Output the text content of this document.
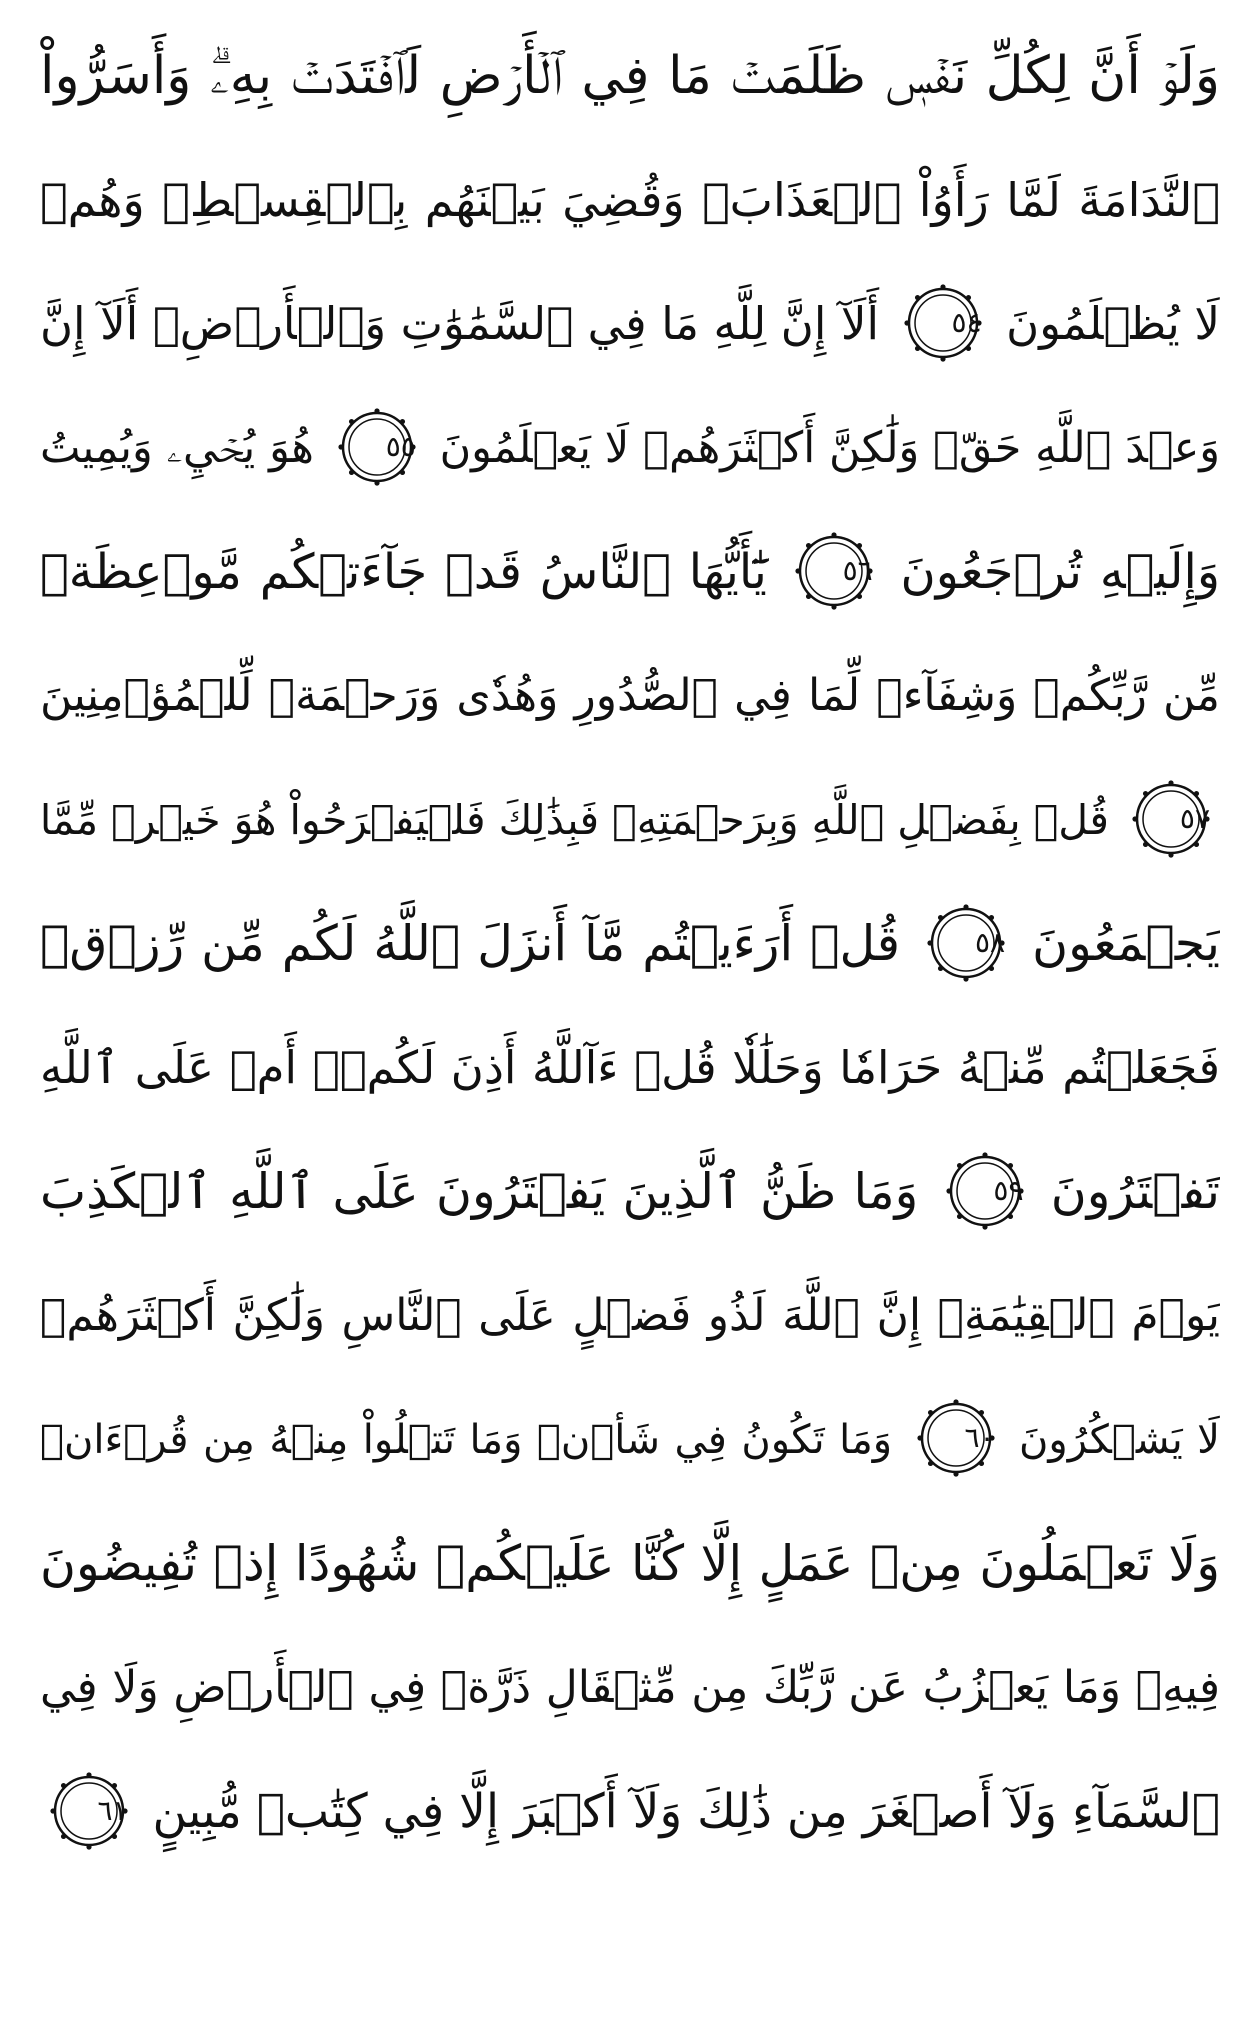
وَلَوۡ أَنَّ لِكُلِّ نَفۡسٖ ظَلَمَتۡ مَا فِي ٱلۡأَرۡضِ لَٱفۡتَدَتۡ بِهِۦۗ وَأَسَرُّواْ
ٱلنَّدَامَةَ لَمَّا رَأَوُاْ ٱلۡعَذَابَۖ وَقُضِيَ بَيۡنَهُم بِٱلۡقِسۡطِۚ وَهُمۡ
لَا يُظۡلَمُونَ
٥٤
أَلَآ إِنَّ لِلَّهِ مَا فِي ٱلسَّمَٰوَٰتِ وَٱلۡأَرۡضِۗ أَلَآ إِنَّ
وَعۡدَ ٱللَّهِ حَقّٞ وَلَٰكِنَّ أَكۡثَرَهُمۡ لَا يَعۡلَمُونَ
٥٥
هُوَ يُحۡيِۦ وَيُمِيتُ
وَإِلَيۡهِ تُرۡجَعُونَ
٥٦
يَٰٓأَيُّهَا ٱلنَّاسُ قَدۡ جَآءَتۡكُم مَّوۡعِظَةٞ
مِّن رَّبِّكُمۡ وَشِفَآءٞ لِّمَا فِي ٱلصُّدُورِ وَهُدٗى وَرَحۡمَةٞ لِّلۡمُؤۡمِنِينَ
٥٧
قُلۡ بِفَضۡلِ ٱللَّهِ وَبِرَحۡمَتِهِۦ فَبِذَٰلِكَ فَلۡيَفۡرَحُواْ هُوَ خَيۡرٞ مِّمَّا
يَجۡمَعُونَ
٥٨
قُلۡ أَرَءَيۡتُم مَّآ أَنزَلَ ٱللَّهُ لَكُم مِّن رِّزۡقٖ
فَجَعَلۡتُم مِّنۡهُ حَرَامٗا وَحَلَٰلٗا قُلۡ ءَآللَّهُ أَذِنَ لَكُمۡۖ أَمۡ عَلَى ٱللَّهِ
تَفۡتَرُونَ
٥٩
وَمَا ظَنُّ ٱلَّذِينَ يَفۡتَرُونَ عَلَى ٱللَّهِ ٱلۡكَذِبَ
يَوۡمَ ٱلۡقِيَٰمَةِۗ إِنَّ ٱللَّهَ لَذُو فَضۡلٍ عَلَى ٱلنَّاسِ وَلَٰكِنَّ أَكۡثَرَهُمۡ
لَا يَشۡكُرُونَ
٦٠
وَمَا تَكُونُ فِي شَأۡنٖ وَمَا تَتۡلُواْ مِنۡهُ مِن قُرۡءَانٖ
وَلَا تَعۡمَلُونَ مِنۡ عَمَلٍ إِلَّا كُنَّا عَلَيۡكُمۡ شُهُودًا إِذۡ تُفِيضُونَ
فِيهِۚ وَمَا يَعۡزُبُ عَن رَّبِّكَ مِن مِّثۡقَالِ ذَرَّةٖ فِي ٱلۡأَرۡضِ وَلَا فِي
ٱلسَّمَآءِ وَلَآ أَصۡغَرَ مِن ذَٰلِكَ وَلَآ أَكۡبَرَ إِلَّا فِي كِتَٰبٖ مُّبِينٍ
٦١
